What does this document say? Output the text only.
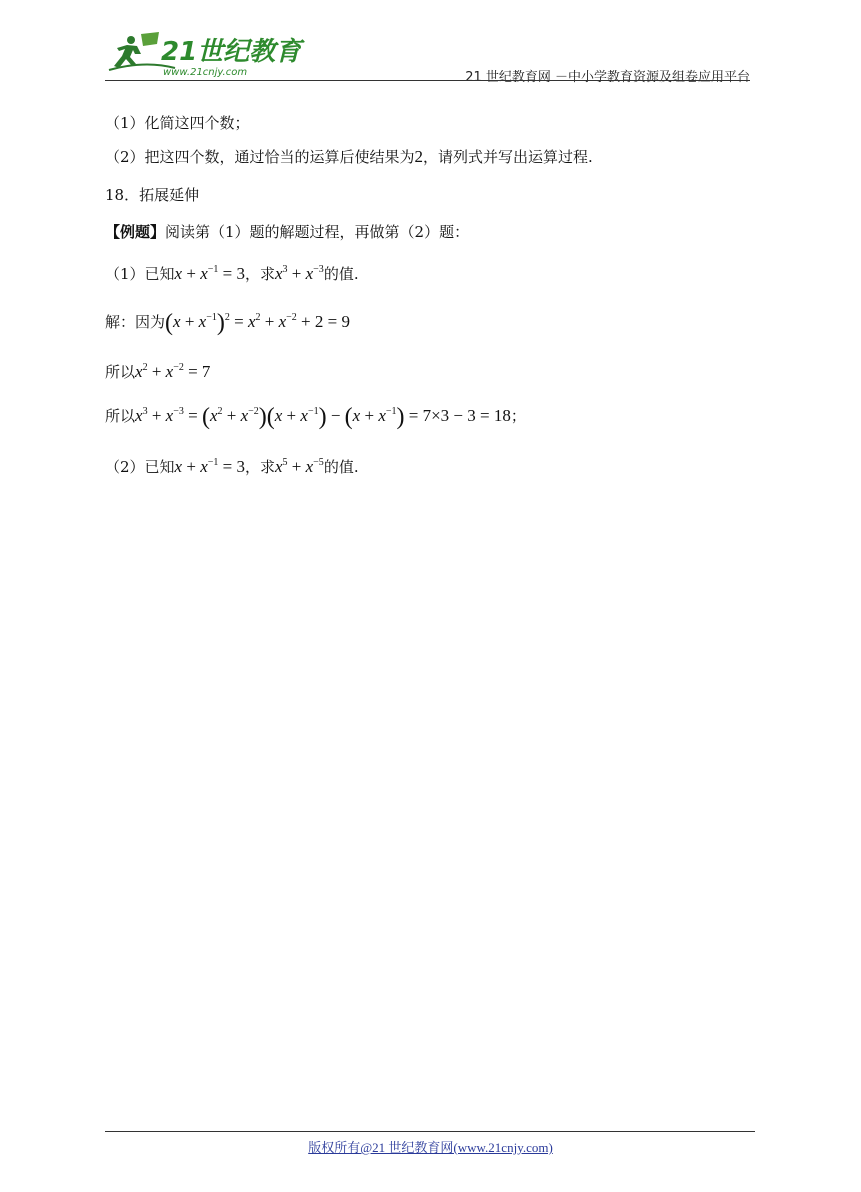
21世纪教育
www.21cnjy.com	21 世纪教育网 －中小学教育资源及组卷应用平台
（1）化简这四个数；
（2）把这四个数，通过恰当的运算后使结果为2，请列式并写出运算过程.
18．拓展延伸
【例题】阅读第（1）题的解题过程，再做第（2）题：
（1）已知$x + x^{-1} = 3$，求$x^3 + x^{-3}$的值.
解：因为$(x + x^{-1})^2 = x^2 + x^{-2} + 2 = 9$
所以$x^2 + x^{-2} = 7$
所以$x^3 + x^{-3} = (x^2 + x^{-2})(x + x^{-1}) - (x + x^{-1}) = 7\times 3 - 3 = 18$；
（2）已知$x + x^{-1} = 3$，求$x^5 + x^{-5}$的值.
版权所有@21 世纪教育网(www.21cnjy.com)
